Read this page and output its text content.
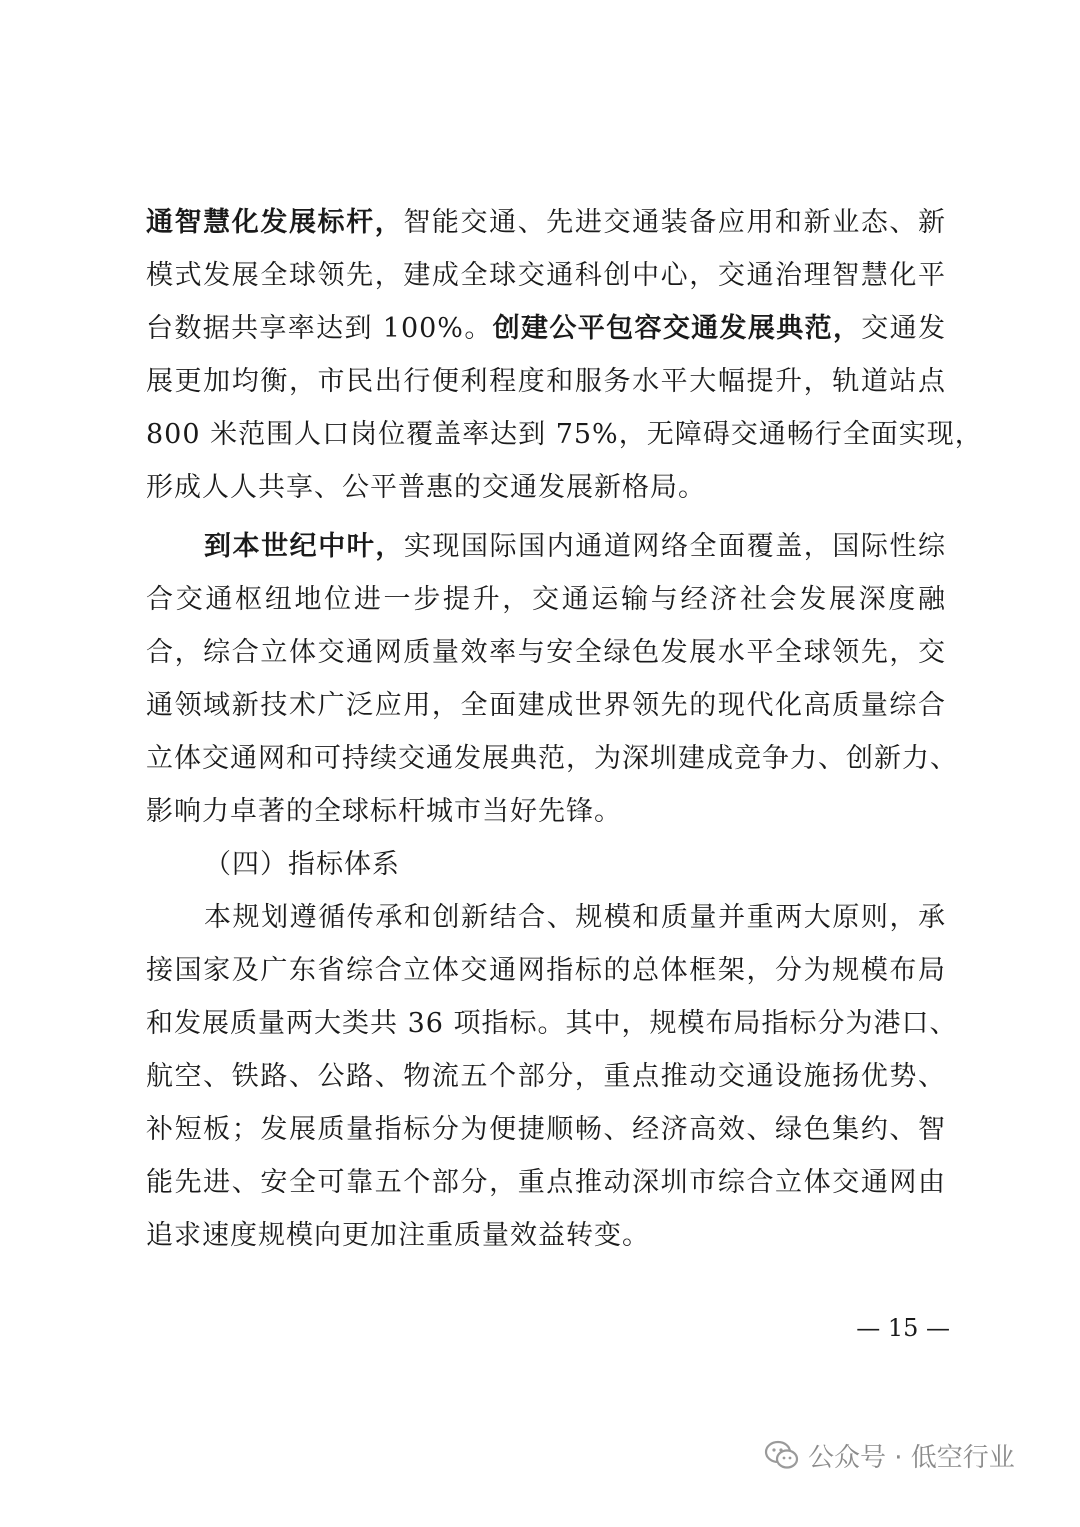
通智慧化发展标杆，智能交通、先进交通装备应用和新业态、新
模式发展全球领先，建成全球交通科创中心，交通治理智慧化平
台数据共享率达到 100%。创建公平包容交通发展典范，交通发
展更加均衡，市民出行便利程度和服务水平大幅提升，轨道站点
800 米范围人口岗位覆盖率达到 75%，无障碍交通畅行全面实现，
形成人人共享、公平普惠的交通发展新格局。
到本世纪中叶，实现国际国内通道网络全面覆盖，国际性综
合交通枢纽地位进一步提升，交通运输与经济社会发展深度融
合，综合立体交通网质量效率与安全绿色发展水平全球领先，交
通领域新技术广泛应用，全面建成世界领先的现代化高质量综合
立体交通网和可持续交通发展典范，为深圳建成竞争力、创新力、
影响力卓著的全球标杆城市当好先锋。
（四）指标体系
本规划遵循传承和创新结合、规模和质量并重两大原则，承
接国家及广东省综合立体交通网指标的总体框架，分为规模布局
和发展质量两大类共 36 项指标。其中，规模布局指标分为港口、
航空、铁路、公路、物流五个部分，重点推动交通设施扬优势、
补短板；发展质量指标分为便捷顺畅、经济高效、绿色集约、智
能先进、安全可靠五个部分，重点推动深圳市综合立体交通网由
追求速度规模向更加注重质量效益转变。
— 15 —
公众号 · 低空行业
